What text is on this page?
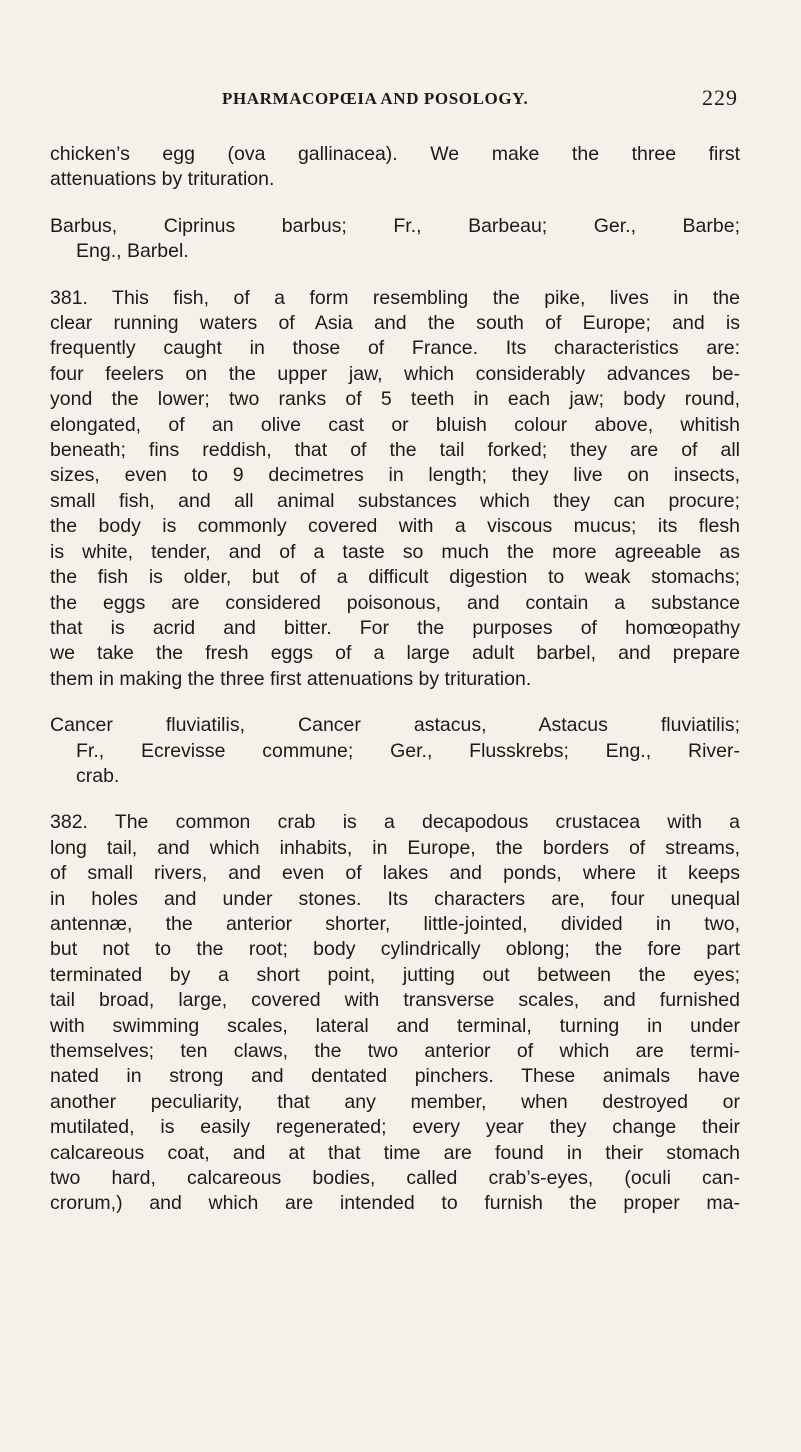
PHARMACOPŒIA AND POSOLOGY.	229

chicken’s egg (ova gallinacea). We make the three first
attenuations by trituration.

Barbus, Ciprinus barbus; Fr., Barbeau; Ger., Barbe;
Eng., Barbel.

381. This fish, of a form resembling the pike, lives in the
clear running waters of Asia and the south of Europe; and is
frequently caught in those of France. Its characteristics are:
four feelers on the upper jaw, which considerably advances be-
yond the lower; two ranks of 5 teeth in each jaw; body round,
elongated, of an olive cast or bluish colour above, whitish
beneath; fins reddish, that of the tail forked; they are of all
sizes, even to 9 decimetres in length; they live on insects,
small fish, and all animal substances which they can procure;
the body is commonly covered with a viscous mucus; its flesh
is white, tender, and of a taste so much the more agreeable as
the fish is older, but of a difficult digestion to weak stomachs;
the eggs are considered poisonous, and contain a substance
that is acrid and bitter. For the purposes of homœopathy
we take the fresh eggs of a large adult barbel, and prepare
them in making the three first attenuations by trituration.

Cancer fluviatilis, Cancer astacus, Astacus fluviatilis;
Fr., Ecrevisse commune; Ger., Flusskrebs; Eng., River-
crab.

382. The common crab is a decapodous crustacea with a
long tail, and which inhabits, in Europe, the borders of streams,
of small rivers, and even of lakes and ponds, where it keeps
in holes and under stones. Its characters are, four unequal
antennæ, the anterior shorter, little-jointed, divided in two,
but not to the root; body cylindrically oblong; the fore part
terminated by a short point, jutting out between the eyes;
tail broad, large, covered with transverse scales, and furnished
with swimming scales, lateral and terminal, turning in under
themselves; ten claws, the two anterior of which are termi-
nated in strong and dentated pinchers. These animals have
another peculiarity, that any member, when destroyed or
mutilated, is easily regenerated; every year they change their
calcareous coat, and at that time are found in their stomach
two hard, calcareous bodies, called crab’s-eyes, (oculi can-
crorum,) and which are intended to furnish the proper ma-
